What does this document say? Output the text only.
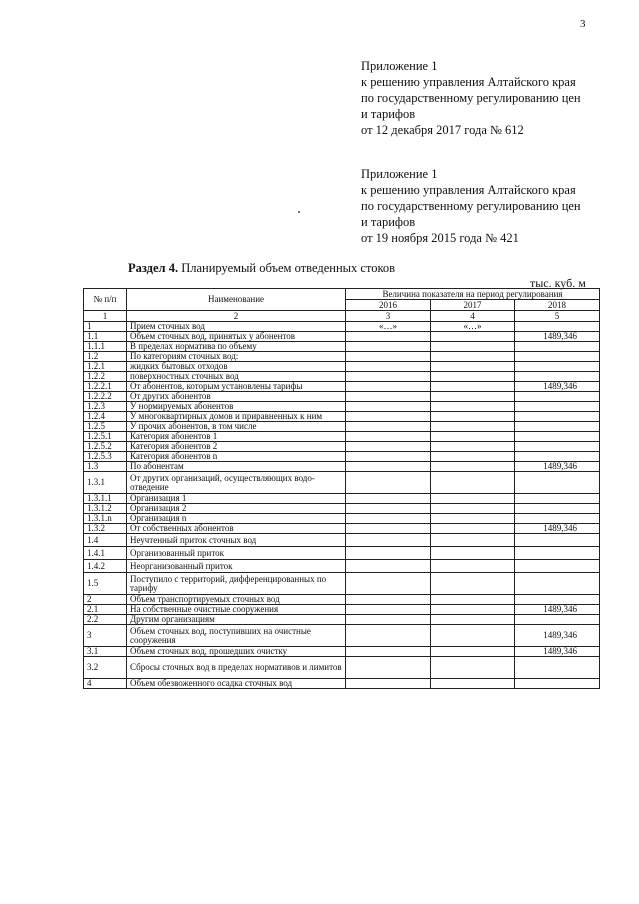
3
Приложение 1
к решению управления Алтайского края
по государственному регулированию цен
и тарифов
от 12 декабря 2017 года № 612
Приложение 1
к решению управления Алтайского края
по государственному регулированию цен
и тарифов
от 19 ноября 2015 года № 421
Раздел 4. Планируемый объем отведенных стоков
тыс. куб. м
№ п/п	Наименование	Величина показателя на период регулирования		
		2016	2017	2018
1	2	3	4	5
1	Прием сточных вод	«…»	«…»	
1.1	Объем сточных вод, принятых у абонентов			1489,346
1.1.1	В пределах норматива по объему			
1.2	По категориям сточных вод:			
1.2.1	жидких бытовых отходов			
1.2.2	поверхностных сточных вод			
1.2.2.1	От абонентов, которым установлены тарифы			1489,346
1.2.2.2	От других абонентов			
1.2.3	У нормируемых абонентов			
1.2.4	У многоквартирных домов и приравненных к ним			
1.2.5	У прочих абонентов, в том числе			
1.2.5.1	Категория абонентов 1			
1.2.5.2	Категория абонентов 2			
1.2.5.3	Категория абонентов n			
1.3	По абонентам			1489,346
1.3.1	От других организаций, осуществляющих водо-отведение			
1.3.1.1	Организация 1			
1.3.1.2	Организация 2			
1.3.1.n	Организация n			
1.3.2	От собственных абонентов			1489,346
1.4	Неучтенный приток сточных вод			
1.4.1	Организованный приток			
1.4.2	Неорганизованный приток			
1.5	Поступило с территорий, дифференцированных по тарифу			
2	Объем транспортируемых сточных вод			
2.1	На собственные очистные сооружения			1489,346
2.2	Другим организациям			
3	Объем сточных вод, поступивших на очистные сооружения			1489,346
3.1	Объем сточных вод, прошедших очистку			1489,346
3.2	Сбросы сточных вод в пределах нормативов и лимитов			
4	Объем обезвоженного осадка сточных вод			
